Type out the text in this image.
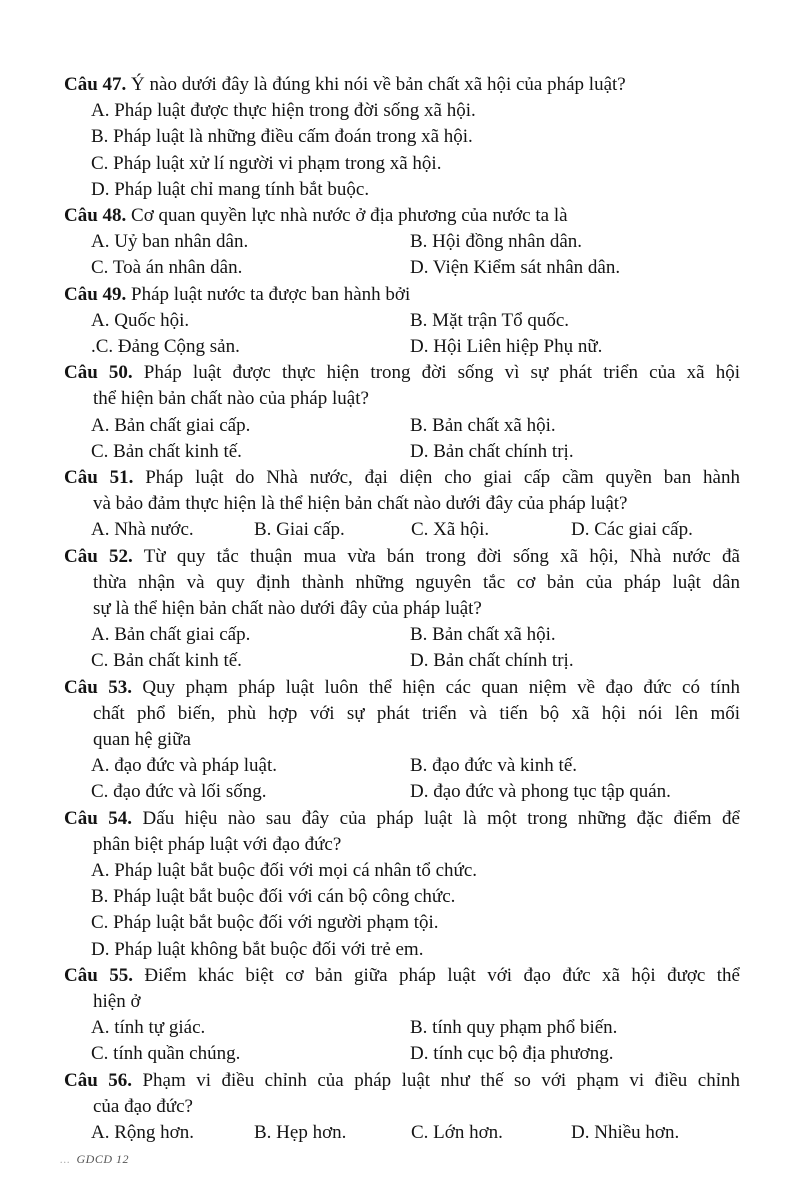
Câu 47. Ý nào dưới đây là đúng khi nói về bản chất xã hội của pháp luật?
A. Pháp luật được thực hiện trong đời sống xã hội.
B. Pháp luật là những điều cấm đoán trong xã hội.
C. Pháp luật xử lí người vi phạm trong xã hội.
D. Pháp luật chỉ mang tính bắt buộc.
Câu 48. Cơ quan quyền lực nhà nước ở địa phương của nước ta là
A. Uỷ ban nhân dân.	B. Hội đồng nhân dân.
C. Toà án nhân dân.	D. Viện Kiểm sát nhân dân.
Câu 49. Pháp luật nước ta được ban hành bởi
A. Quốc hội.	B. Mặt trận Tổ quốc.
.C. Đảng Cộng sản.	D. Hội Liên hiệp Phụ nữ.
Câu 50. Pháp luật được thực hiện trong đời sống vì sự phát triển của xã hội
thể hiện bản chất nào của pháp luật?
A. Bản chất giai cấp.	B. Bản chất xã hội.
C. Bản chất kinh tế.	D. Bản chất chính trị.
Câu 51. Pháp luật do Nhà nước, đại diện cho giai cấp cầm quyền ban hành
và bảo đảm thực hiện là thể hiện bản chất nào dưới đây của pháp luật?
A. Nhà nước.	B. Giai cấp.	C. Xã hội.	D. Các giai cấp.
Câu 52. Từ quy tắc thuận mua vừa bán trong đời sống xã hội, Nhà nước đã
thừa nhận và quy định thành những nguyên tắc cơ bản của pháp luật dân
sự là thể hiện bản chất nào dưới đây của pháp luật?
A. Bản chất giai cấp.	B. Bản chất xã hội.
C. Bản chất kinh tế.	D. Bản chất chính trị.
Câu 53. Quy phạm pháp luật luôn thể hiện các quan niệm về đạo đức có tính
chất phổ biến, phù hợp với sự phát triển và tiến bộ xã hội nói lên mối
quan hệ giữa
A. đạo đức và pháp luật.	B. đạo đức và kinh tế.
C. đạo đức và lối sống.	D. đạo đức và phong tục tập quán.
Câu 54. Dấu hiệu nào sau đây của pháp luật là một trong những đặc điểm để
phân biệt pháp luật với đạo đức?
A. Pháp luật bắt buộc đối với mọi cá nhân tổ chức.
B. Pháp luật bắt buộc đối với cán bộ công chức.
C. Pháp luật bắt buộc đối với người phạm tội.
D. Pháp luật không bắt buộc đối với trẻ em.
Câu 55. Điểm khác biệt cơ bản giữa pháp luật với đạo đức xã hội được thể
hiện ở
A. tính tự giác.	B. tính quy phạm phổ biến.
C. tính quần chúng.	D. tính cục bộ địa phương.
Câu 56. Phạm vi điều chỉnh của pháp luật như thế so với phạm vi điều chỉnh
của đạo đức?
A. Rộng hơn.	B. Hẹp hơn.	C. Lớn hơn.	D. Nhiều hơn.
... GDCD 12
